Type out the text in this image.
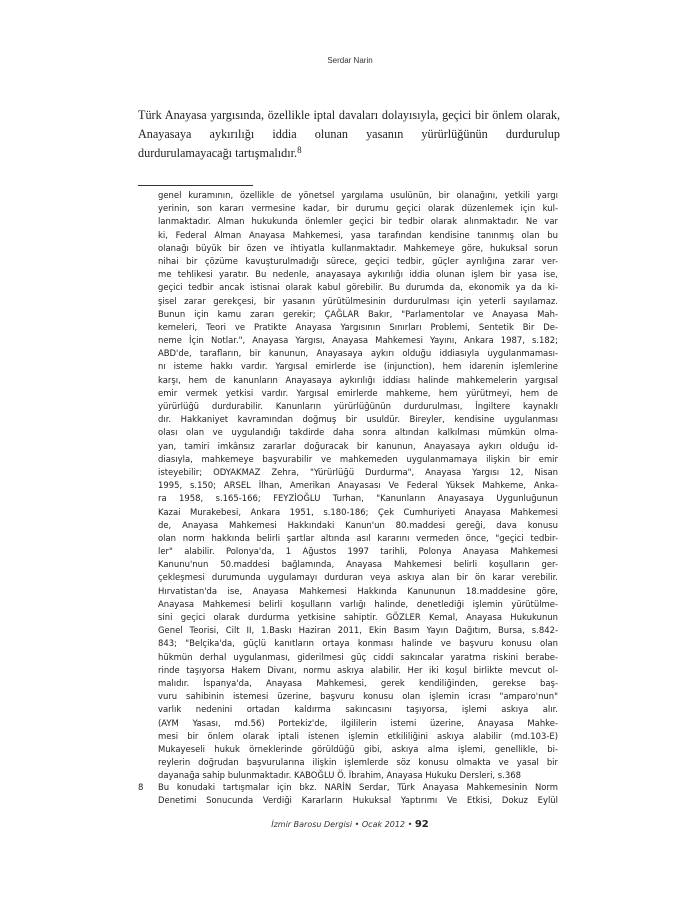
Serdar Narin
Türk Anayasa yargısında, özellikle iptal davaları dolayısıyla, geçici bir önlem olarak, Anayasaya aykırılığı iddia olunan yasanın yürürlüğünün durdurulup durdurulamayacağı tartışmalıdır.$^8$
genel kuramının, özellikle de yönetsel yargılama usulünün, bir olanağını, yetkili yargı
yerinin, son kararı vermesine kadar, bir durumu geçici olarak düzenlemek için kul-
lanmaktadır. Alman hukukunda önlemler geçici bir tedbir olarak alınmaktadır. Ne var
ki, Federal Alman Anayasa Mahkemesi, yasa tarafından kendisine tanınmış olan bu
olanağı büyük bir özen ve ihtiyatla kullanmaktadır. Mahkemeye göre, hukuksal sorun
nihai bir çözüme kavuşturulmadığı sürece, geçici tedbir, güçler ayrılığına zarar ver-
me tehlikesi yaratır. Bu nedenle, anayasaya aykırılığı iddia olunan işlem bir yasa ise,
geçici tedbir ancak istisnai olarak kabul görebilir. Bu durumda da, ekonomik ya da ki-
şisel zarar gerekçesi, bir yasanın yürütülmesinin durdurulması için yeterli sayılamaz.
Bunun için kamu zararı gerekir; ÇAĞLAR Bakır, "Parlamentolar ve Anayasa Mah-
kemeleri, Teori ve Pratikte Anayasa Yargısının Sınırları Problemi, Sentetik Bir De-
neme İçin Notlar.", Anayasa Yargısı, Anayasa Mahkemesi Yayını, Ankara 1987, s.182;
ABD'de, tarafların, bir kanunun, Anayasaya aykırı olduğu iddiasıyla uygulanmaması-
nı isteme hakkı vardır. Yargısal emirlerde ise (injunction), hem idarenin işlemlerine
karşı, hem de kanunların Anayasaya aykırılığı iddiası halinde mahkemelerin yargısal
emir vermek yetkisi vardır. Yargısal emirlerde mahkeme, hem yürütmeyi, hem de
yürürlüğü durdurabilir. Kanunların yürürlüğünün durdurulması, İngiltere kaynaklı
dır. Hakkaniyet kavramından doğmuş bir usuldür. Bireyler, kendisine uygulanması
olası olan ve uygulandığı takdirde daha sonra altından kalkılması mümkün olma-
yan, tamiri imkânsız zararlar doğuracak bir kanunun, Anayasaya aykırı olduğu id-
diasıyla, mahkemeye başvurabilir ve mahkemeden uygulanmamaya ilişkin bir emir
isteyebilir; ODYAKMAZ Zehra, "Yürürlüğü Durdurma", Anayasa Yargısı 12, Nisan
1995, s.150; ARSEL İlhan, Amerikan Anayasası Ve Federal Yüksek Mahkeme, Anka-
ra 1958, s.165-166; FEYZİOĞLU Turhan, "Kanunların Anayasaya Uygunluğunun
Kazai Murakebesi, Ankara 1951, s.180-186; Çek Cumhuriyeti Anayasa Mahkemesi
de, Anayasa Mahkemesi Hakkındaki Kanun'un 80.maddesi gereği, dava konusu
olan norm hakkında belirli şartlar altında asıl kararını vermeden önce, "geçici tedbir-
ler" alabilir. Polonya'da, 1 Ağustos 1997 tarihli, Polonya Anayasa Mahkemesi
Kanunu'nun 50.maddesi bağlamında, Anayasa Mahkemesi belirli koşulların ger-
çekleşmesi durumunda uygulamayı durduran veya askıya alan bir ön karar verebilir.
Hırvatistan'da ise, Anayasa Mahkemesi Hakkında Kanununun 18.maddesine göre,
Anayasa Mahkemesi belirli koşulların varlığı halinde, denetlediği işlemin yürütülme-
sini geçici olarak durdurma yetkisine sahiptir. GÖZLER Kemal, Anayasa Hukukunun
Genel Teorisi, Cilt II, 1.Baskı Haziran 2011, Ekin Basım Yayın Dağıtım, Bursa, s.842-
843; "Belçika'da, güçlü kanıtların ortaya konması halinde ve başvuru konusu olan
hükmün derhal uygulanması, giderilmesi güç ciddi sakıncalar yaratma riskini berabe-
rinde taşıyorsa Hakem Divanı, normu askıya alabilir. Her iki koşul birlikte mevcut ol-
malıdır. İspanya'da, Anayasa Mahkemesi, gerek kendiliğinden, gerekse baş-
vuru sahibinin istemesi üzerine, başvuru konusu olan işlemin icrası "amparo'nun"
varlık nedenini ortadan kaldırma sakıncasını taşıyorsa, işlemi askıya alır.
(AYM Yasası, md.56) Portekiz'de, ilgililerin istemi üzerine, Anayasa Mahke-
mesi bir önlem olarak iptali istenen işlemin etkililiğini askıya alabilir (md.103-E)
Mukayeseli hukuk örneklerinde görüldüğü gibi, askıya alma işlemi, genellikle, bi-
reylerin doğrudan başvurularına ilişkin işlemlerde söz konusu olmakta ve yasal bir
dayanağa sahip bulunmaktadır. KABOĞLU Ö. İbrahim, Anayasa Hukuku Dersleri, s.368
8 Bu konudaki tartışmalar için bkz. NARİN Serdar, Türk Anayasa Mahkemesinin Norm
Denetimi Sonucunda Verdiği Kararların Hukuksal Yaptırımı Ve Etkisi, Dokuz Eylül
İzmir Barosu Dergisi • Ocak 2012 • 92
